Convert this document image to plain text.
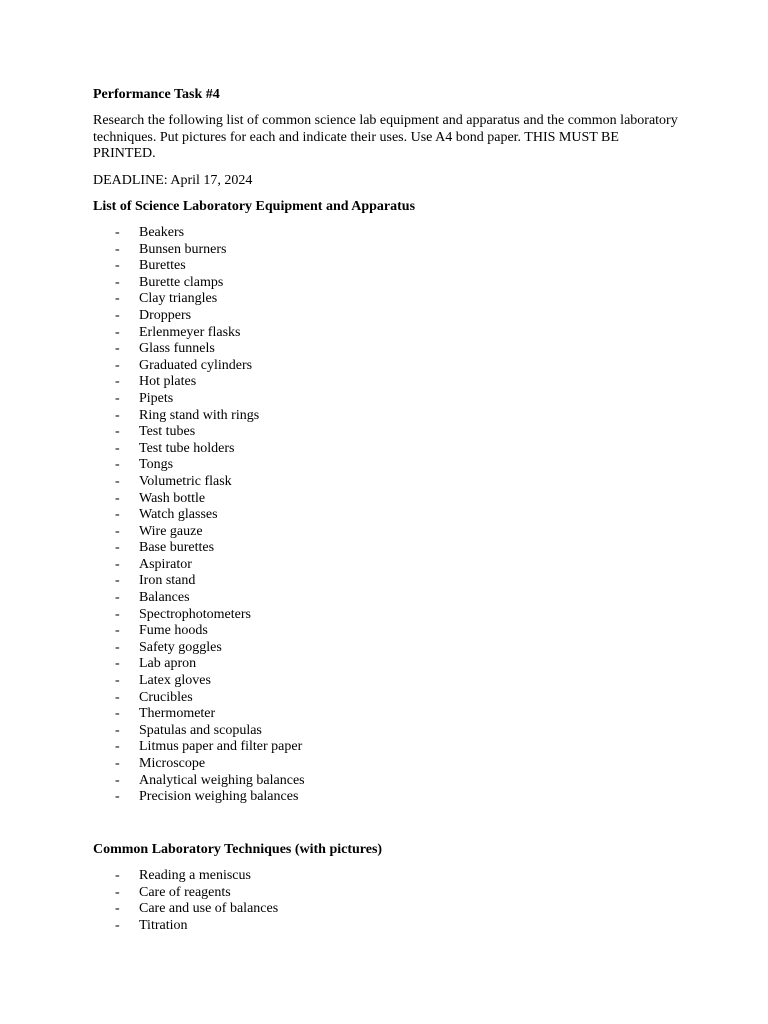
Performance Task #4
Research the following list of common science lab equipment and apparatus and the common laboratory techniques. Put pictures for each and indicate their uses. Use A4 bond paper. THIS MUST BE PRINTED.
DEADLINE: April 17, 2024
List of Science Laboratory Equipment and Apparatus
- Beakers
- Bunsen burners
- Burettes
- Burette clamps
- Clay triangles
- Droppers
- Erlenmeyer flasks
- Glass funnels
- Graduated cylinders
- Hot plates
- Pipets
- Ring stand with rings
- Test tubes
- Test tube holders
- Tongs
- Volumetric flask
- Wash bottle
- Watch glasses
- Wire gauze
- Base burettes
- Aspirator
- Iron stand
- Balances
- Spectrophotometers
- Fume hoods
- Safety goggles
- Lab apron
- Latex gloves
- Crucibles
- Thermometer
- Spatulas and scopulas
- Litmus paper and filter paper
- Microscope
- Analytical weighing balances
- Precision weighing balances
Common Laboratory Techniques (with pictures)
- Reading a meniscus
- Care of reagents
- Care and use of balances
- Titration
